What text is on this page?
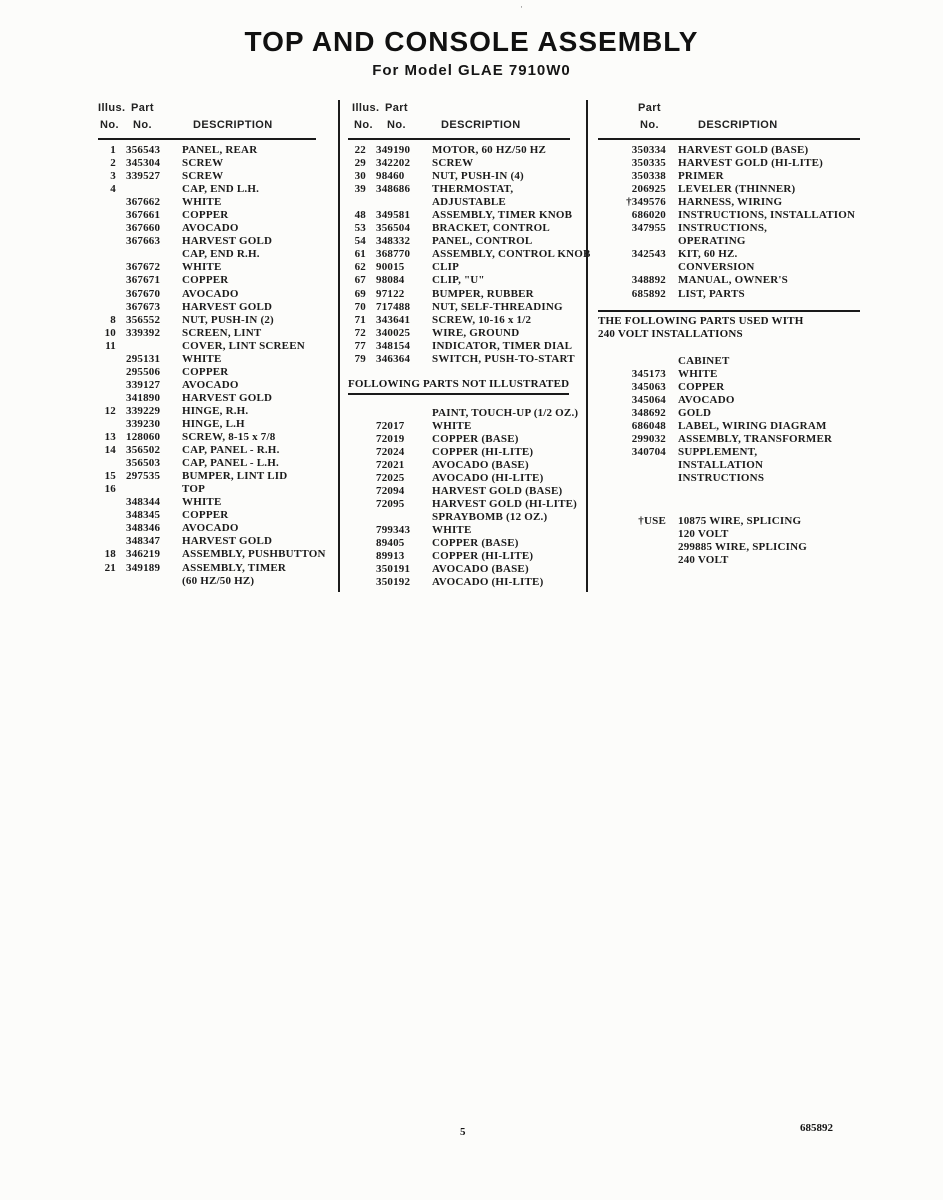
·
TOP AND CONSOLE ASSEMBLY
For Model GLAE 7910W0
Illus. Part
No. No.	DESCRIPTION
1 356543	PANEL, REAR
2 345304	SCREW
3 339527	SCREW
4	CAP, END L.H.
367662	WHITE
367661	COPPER
367660	AVOCADO
367663	HARVEST GOLD
CAP, END R.H.
367672	WHITE
367671	COPPER
367670	AVOCADO
367673	HARVEST GOLD
8 356552	NUT, PUSH-IN (2)
10 339392	SCREEN, LINT
11	COVER, LINT SCREEN
295131	WHITE
295506	COPPER
339127	AVOCADO
341890	HARVEST GOLD
12 339229	HINGE, R.H.
339230	HINGE, L.H
13 128060	SCREW, 8-15 x 7/8
14 356502	CAP, PANEL - R.H.
356503	CAP, PANEL - L.H.
15 297535	BUMPER, LINT LID
16	TOP
348344	WHITE
348345	COPPER
348346	AVOCADO
348347	HARVEST GOLD
18 346219	ASSEMBLY, PUSHBUTTON
21 349189	ASSEMBLY, TIMER
(60 HZ/50 HZ)
Illus. Part
No. No.	DESCRIPTION
22 349190	MOTOR, 60 HZ/50 HZ
29 342202	SCREW
30 98460	NUT, PUSH-IN (4)
39 348686	THERMOSTAT,
ADJUSTABLE
48 349581	ASSEMBLY, TIMER KNOB
53 356504	BRACKET, CONTROL
54 348332	PANEL, CONTROL
61 368770	ASSEMBLY, CONTROL KNOB
62 90015	CLIP
67 98084	CLIP, "U"
69 97122	BUMPER, RUBBER
70 717488	NUT, SELF-THREADING
71 343641	SCREW, 10-16 x 1/2
72 340025	WIRE, GROUND
77 348154	INDICATOR, TIMER DIAL
79 346364	SWITCH, PUSH-TO-START
FOLLOWING PARTS NOT ILLUSTRATED
PAINT, TOUCH-UP (1/2 OZ.)
72017	WHITE
72019	COPPER (BASE)
72024	COPPER (HI-LITE)
72021	AVOCADO (BASE)
72025	AVOCADO (HI-LITE)
72094	HARVEST GOLD (BASE)
72095	HARVEST GOLD (HI-LITE)
SPRAYBOMB (12 OZ.)
799343	WHITE
89405	COPPER (BASE)
89913	COPPER (HI-LITE)
350191	AVOCADO (BASE)
350192	AVOCADO (HI-LITE)
Part
No.	DESCRIPTION
350334 HARVEST GOLD (BASE)
350335 HARVEST GOLD (HI-LITE)
350338 PRIMER
206925 LEVELER (THINNER)
†349576 HARNESS, WIRING
686020 INSTRUCTIONS, INSTALLATION
347955 INSTRUCTIONS,
OPERATING
342543 KIT, 60 HZ.
CONVERSION
348892 MANUAL, OWNER'S
685892 LIST, PARTS
THE FOLLOWING PARTS USED WITH
240 VOLT INSTALLATIONS
CABINET
345173 WHITE
345063 COPPER
345064 AVOCADO
348692 GOLD
686048 LABEL, WIRING DIAGRAM
299032 ASSEMBLY, TRANSFORMER
340704 SUPPLEMENT,
INSTALLATION
INSTRUCTIONS
†USE 10875 WIRE, SPLICING
120 VOLT
299885 WIRE, SPLICING
240 VOLT
5	685892
